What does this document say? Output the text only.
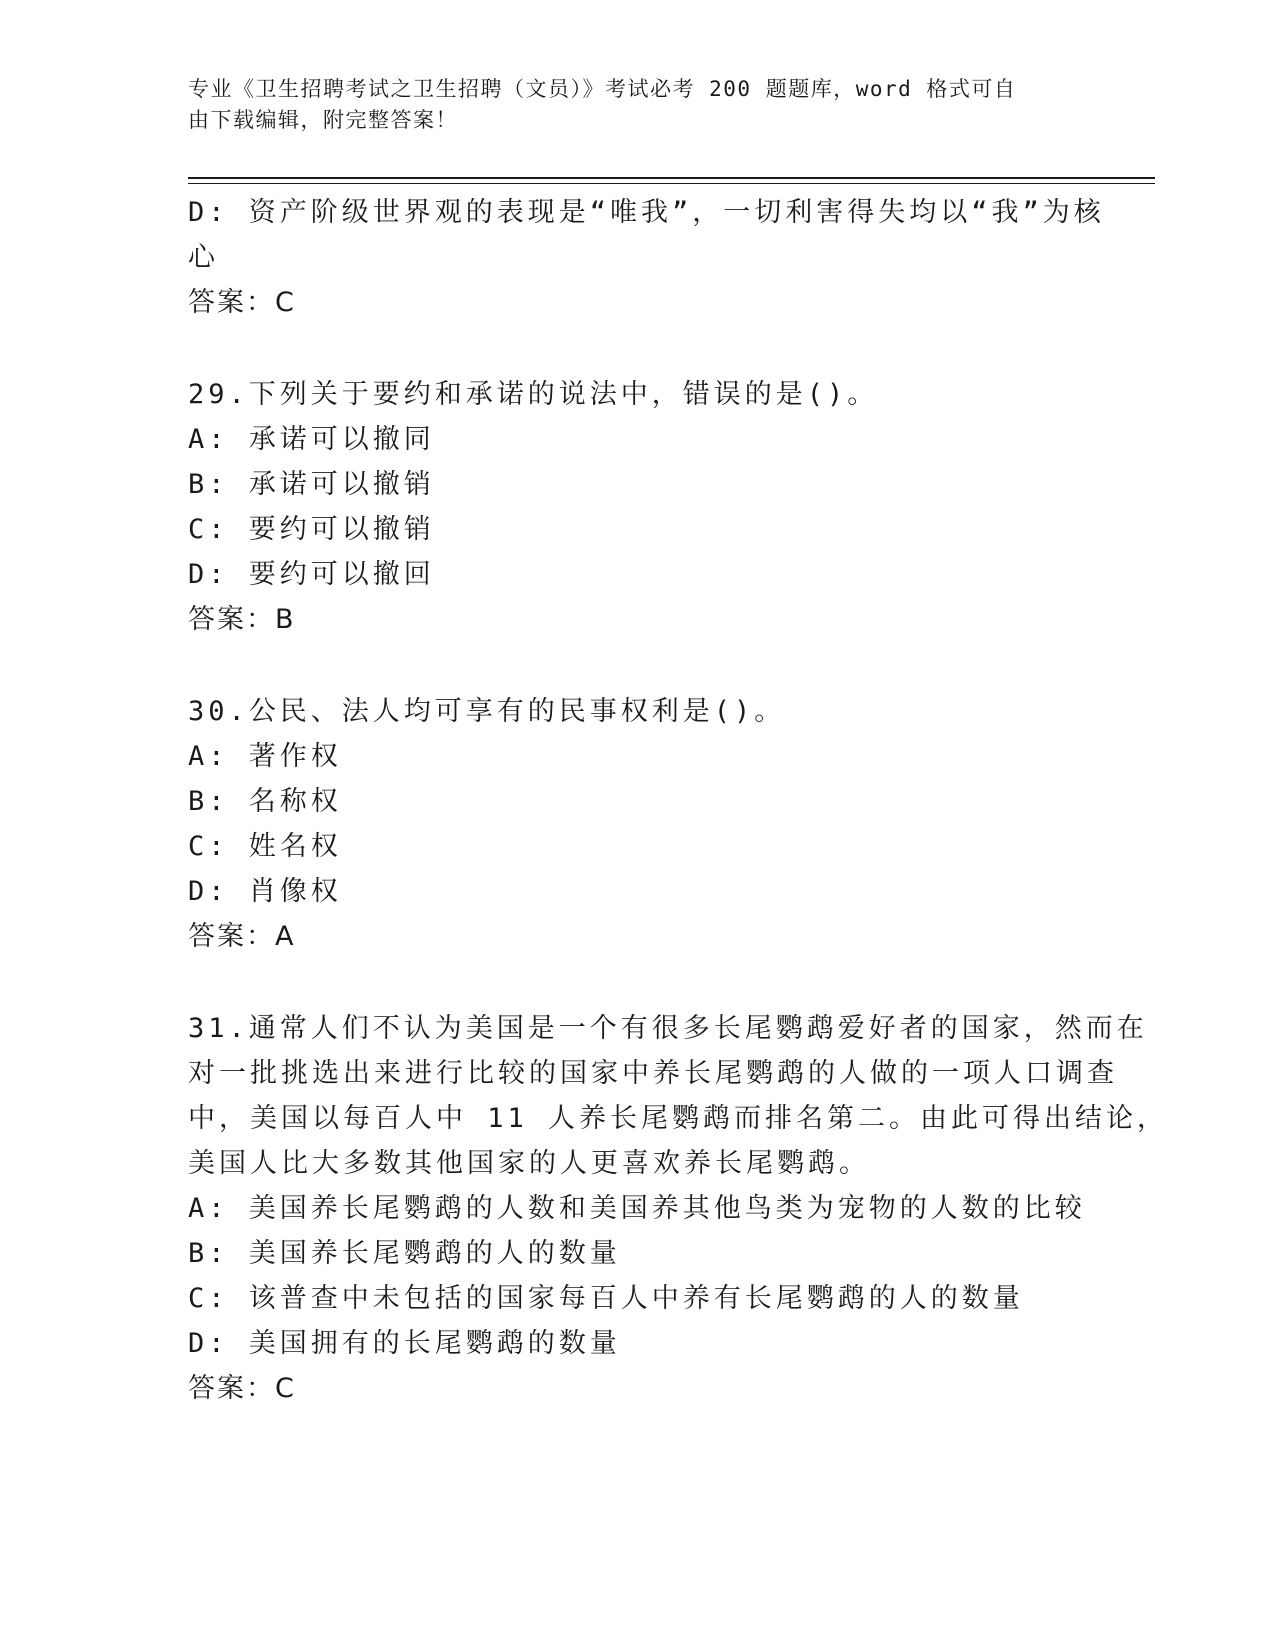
专业《卫生招聘考试之卫生招聘（文员）》考试必考 200 题题库，word 格式可自
由下载编辑，附完整答案！
D: 资产阶级世界观的表现是“唯我”，一切利害得失均以“我”为核
心
答案：C
29.下列关于要约和承诺的说法中，错误的是()。
A: 承诺可以撤同
B: 承诺可以撤销
C: 要约可以撤销
D: 要约可以撤回
答案：B
30.公民、法人均可享有的民事权利是()。
A: 著作权
B: 名称权
C: 姓名权
D: 肖像权
答案：A
31.通常人们不认为美国是一个有很多长尾鹦鹉爱好者的国家，然而在
对一批挑选出来进行比较的国家中养长尾鹦鹉的人做的一项人口调查
中，美国以每百人中 11 人养长尾鹦鹉而排名第二。由此可得出结论，
美国人比大多数其他国家的人更喜欢养长尾鹦鹉。
A: 美国养长尾鹦鹉的人数和美国养其他鸟类为宠物的人数的比较
B: 美国养长尾鹦鹉的人的数量
C: 该普查中未包括的国家每百人中养有长尾鹦鹉的人的数量
D: 美国拥有的长尾鹦鹉的数量
答案：C
